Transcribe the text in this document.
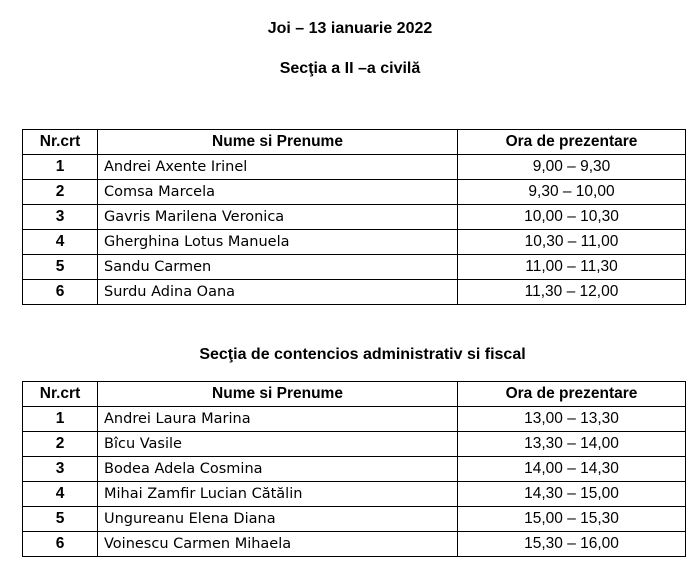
Joi – 13 ianuarie 2022
Secţia a II –a civilă
Nr.crt	Nume si Prenume	Ora de prezentare
1	Andrei Axente Irinel	9,00 – 9,30
2	Comsa Marcela	9,30 – 10,00
3	Gavris Marilena Veronica	10,00 – 10,30
4	Gherghina Lotus Manuela	10,30 – 11,00
5	Sandu Carmen	11,00 – 11,30
6	Surdu Adina Oana	11,30 – 12,00
Secţia de contencios administrativ si fiscal
Nr.crt	Nume si Prenume	Ora de prezentare
1	Andrei Laura Marina	13,00 – 13,30
2	Bîcu Vasile	13,30 – 14,00
3	Bodea Adela Cosmina	14,00 – 14,30
4	Mihai Zamfir Lucian Cătălin	14,30 – 15,00
5	Ungureanu Elena Diana	15,00 – 15,30
6	Voinescu Carmen Mihaela	15,30 – 16,00
